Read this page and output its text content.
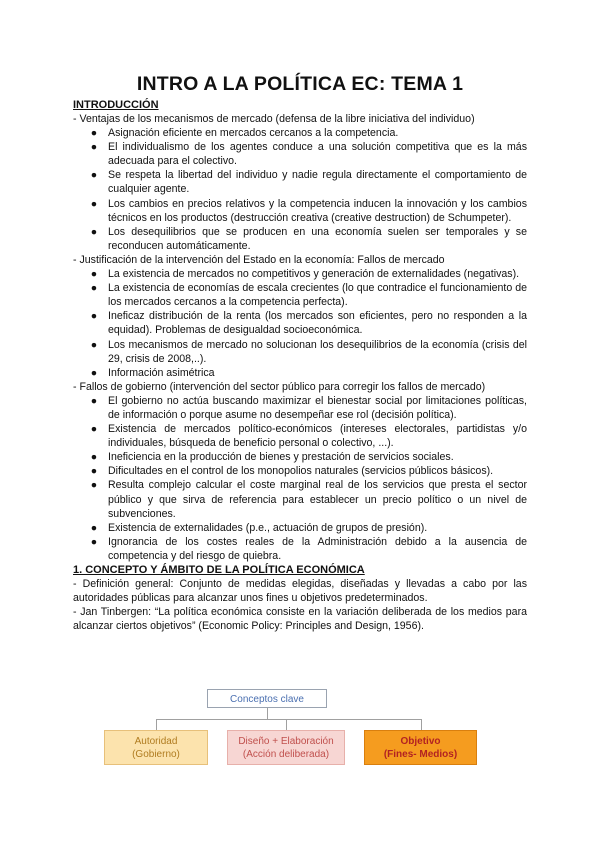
INTRO A LA POLÍTICA EC: TEMA 1
INTRODUCCIÓN
- Ventajas de los mecanismos de mercado (defensa de la libre iniciativa del individuo)
● Asignación eficiente en mercados cercanos a la competencia.
● El individualismo de los agentes conduce a una solución competitiva que es la más adecuada para el colectivo.
● Se respeta la libertad del individuo y nadie regula directamente el comportamiento de cualquier agente.
● Los cambios en precios relativos y la competencia inducen la innovación y los cambios técnicos en los productos (destrucción creativa (creative destruction) de Schumpeter).
● Los desequilibrios que se producen en una economía suelen ser temporales y se reconducen automáticamente.
- Justificación de la intervención del Estado en la economía: Fallos de mercado
● La existencia de mercados no competitivos y generación de externalidades (negativas).
● La existencia de economías de escala crecientes (lo que contradice el funcionamiento de los mercados cercanos a la competencia perfecta).
● Ineficaz distribución de la renta (los mercados son eficientes, pero no responden a la equidad). Problemas de desigualdad socioeconómica.
● Los mecanismos de mercado no solucionan los desequilibrios de la economía (crisis del 29, crisis de 2008,..).
● Información asimétrica
- Fallos de gobierno (intervención del sector público para corregir los fallos de mercado)
● El gobierno no actúa buscando maximizar el bienestar social por limitaciones políticas, de información o porque asume no desempeñar ese rol (decisión política).
● Existencia de mercados político-económicos (intereses electorales, partidistas y/o individuales, búsqueda de beneficio personal o colectivo, ...).
● Ineficiencia en la producción de bienes y prestación de servicios sociales.
● Dificultades en el control de los monopolios naturales (servicios públicos básicos).
● Resulta complejo calcular el coste marginal real de los servicios que presta el sector público y que sirva de referencia para establecer un precio político o un nivel de subvenciones.
● Existencia de externalidades (p.e., actuación de grupos de presión).
● Ignorancia de los costes reales de la Administración debido a la ausencia de competencia y del riesgo de quiebra.
1. CONCEPTO Y ÁMBITO DE LA POLÍTICA ECONÓMICA

- Definición general: Conjunto de medidas elegidas, diseñadas y llevadas a cabo por las autoridades públicas para alcanzar unos fines u objetivos predeterminados.

- Jan Tinbergen: “La política económica consiste en la variación deliberada de los medios para alcanzar ciertos objetivos” (Economic Policy: Principles and Design, 1956).

Conceptos clave
Autoridad
(Gobierno)
Diseño + Elaboración
(Acción deliberada)
Objetivo
(Fines- Medios)
